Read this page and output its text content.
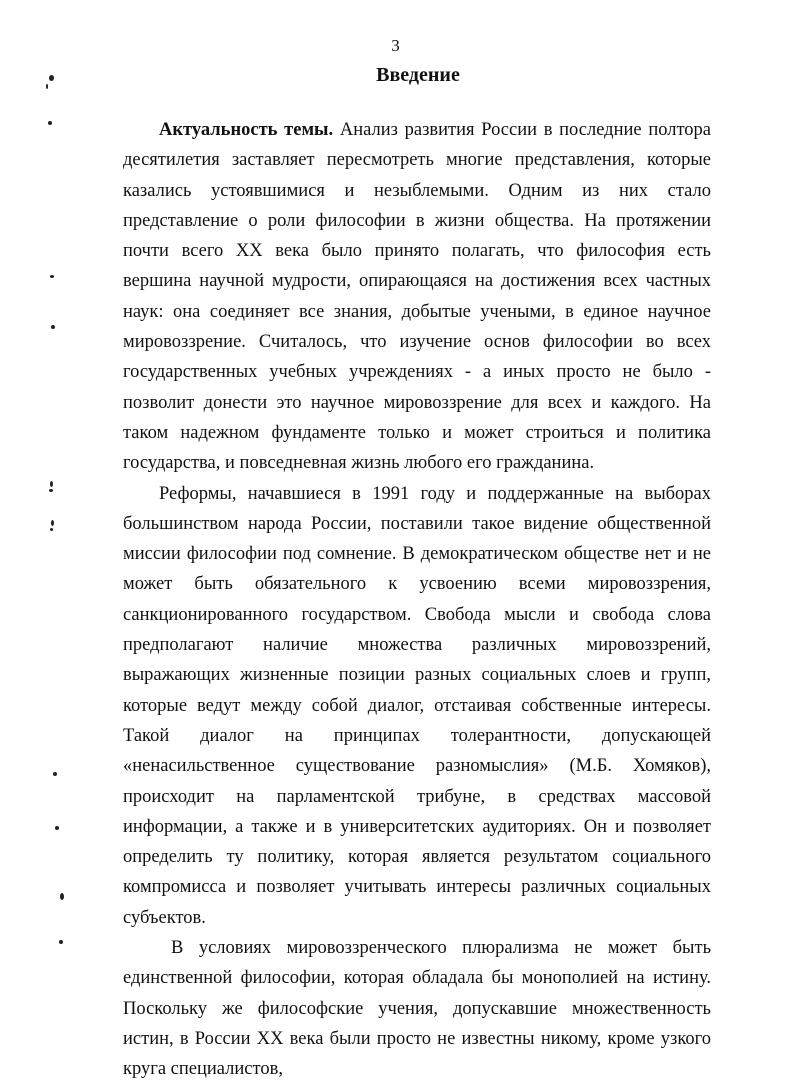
3
Введение

Актуальность темы. Анализ развития России в последние полтора десятилетия заставляет пересмотреть многие представления, которые казались устоявшимися и незыблемыми. Одним из них стало представление о роли философии в жизни общества. На протяжении почти всего XX века было принято полагать, что философия есть вершина научной мудрости, опирающаяся на достижения всех частных наук: она соединяет все знания, добытые учеными, в единое научное мировоззрение. Считалось, что изучение основ философии во всех государственных учебных учреждениях - а иных просто не было - позволит донести это научное мировоззрение для всех и каждого. На таком надежном фундаменте только и может строиться и политика государства, и повседневная жизнь любого его гражданина.

Реформы, начавшиеся в 1991 году и поддержанные на выборах большинством народа России, поставили такое видение общественной миссии философии под сомнение. В демократическом обществе нет и не может быть обязательного к усвоению всеми мировоззрения, санкционированного государством. Свобода мысли и свобода слова предполагают наличие множества различных мировоззрений, выражающих жизненные позиции разных социальных слоев и групп, которые ведут между собой диалог, отстаивая собственные интересы. Такой диалог на принципах толерантности, допускающей «ненасильственное существование разномыслия» (М.Б. Хомяков), происходит на парламентской трибуне, в средствах массовой информации, а также и в университетских аудиториях. Он и позволяет определить ту политику, которая является результатом социального компромисса и позволяет учитывать интересы различных социальных субъектов.

В условиях мировоззренческого плюрализма не может быть единственной философии, которая обладала бы монополией на истину. Поскольку же философские учения, допускавшие множественность истин, в России XX века были просто не известны никому, кроме узкого круга специалистов,
